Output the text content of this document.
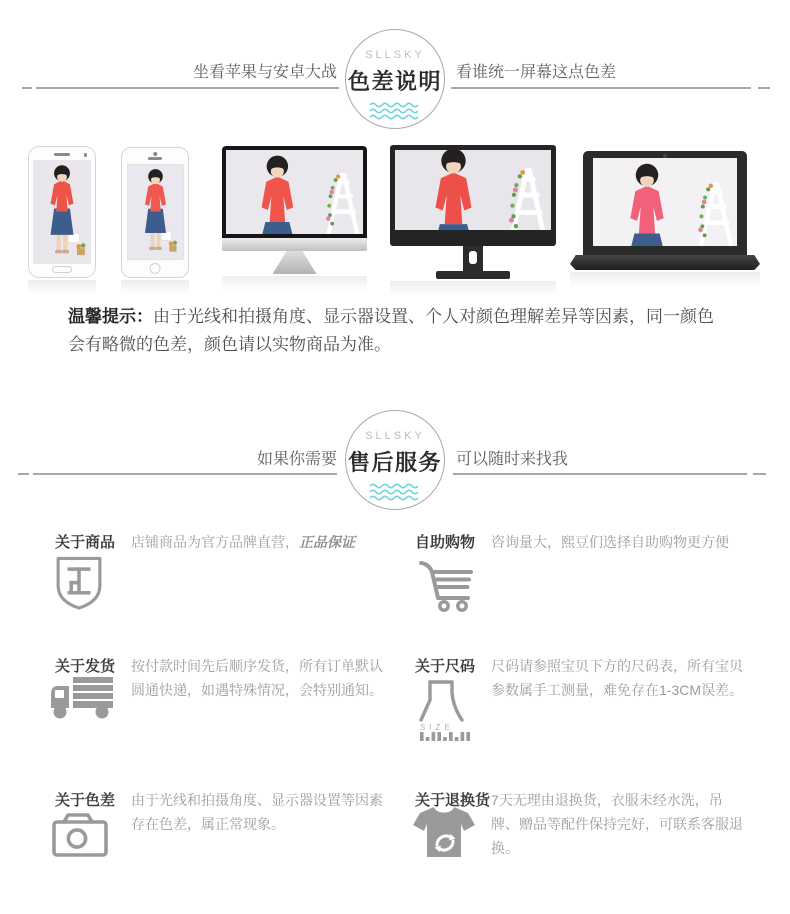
SLLSKY
色差说明
坐看苹果与安卓大战	看谁统一屏幕这点色差

温馨提示：由于光线和拍摄角度、显示器设置、个人对颜色理解差异等因素，同一颜色会有略微的色差，颜色请以实物商品为准。

SLLSKY
售后服务
如果你需要	可以随时来找我
关于商品 店铺商品为官方品牌直营，正品保证	自助购物 咨询量大，熙豆们选择自助购物更方便
关于发货 按付款时间先后顺序发货，所有订单默认圆通快递，如遇特殊情况，会特别通知。
关于尺码 尺码请参照宝贝下方的尺码表，所有宝贝参数属手工测量，难免存在1-3CM误差。
SIZE
关于色差 由于光线和拍摄角度、显示器设置等因素存在色差，属正常现象。
关于退换货 7天无理由退换货，衣服未经水洗，吊牌、赠品等配件保持完好，可联系客服退换。
